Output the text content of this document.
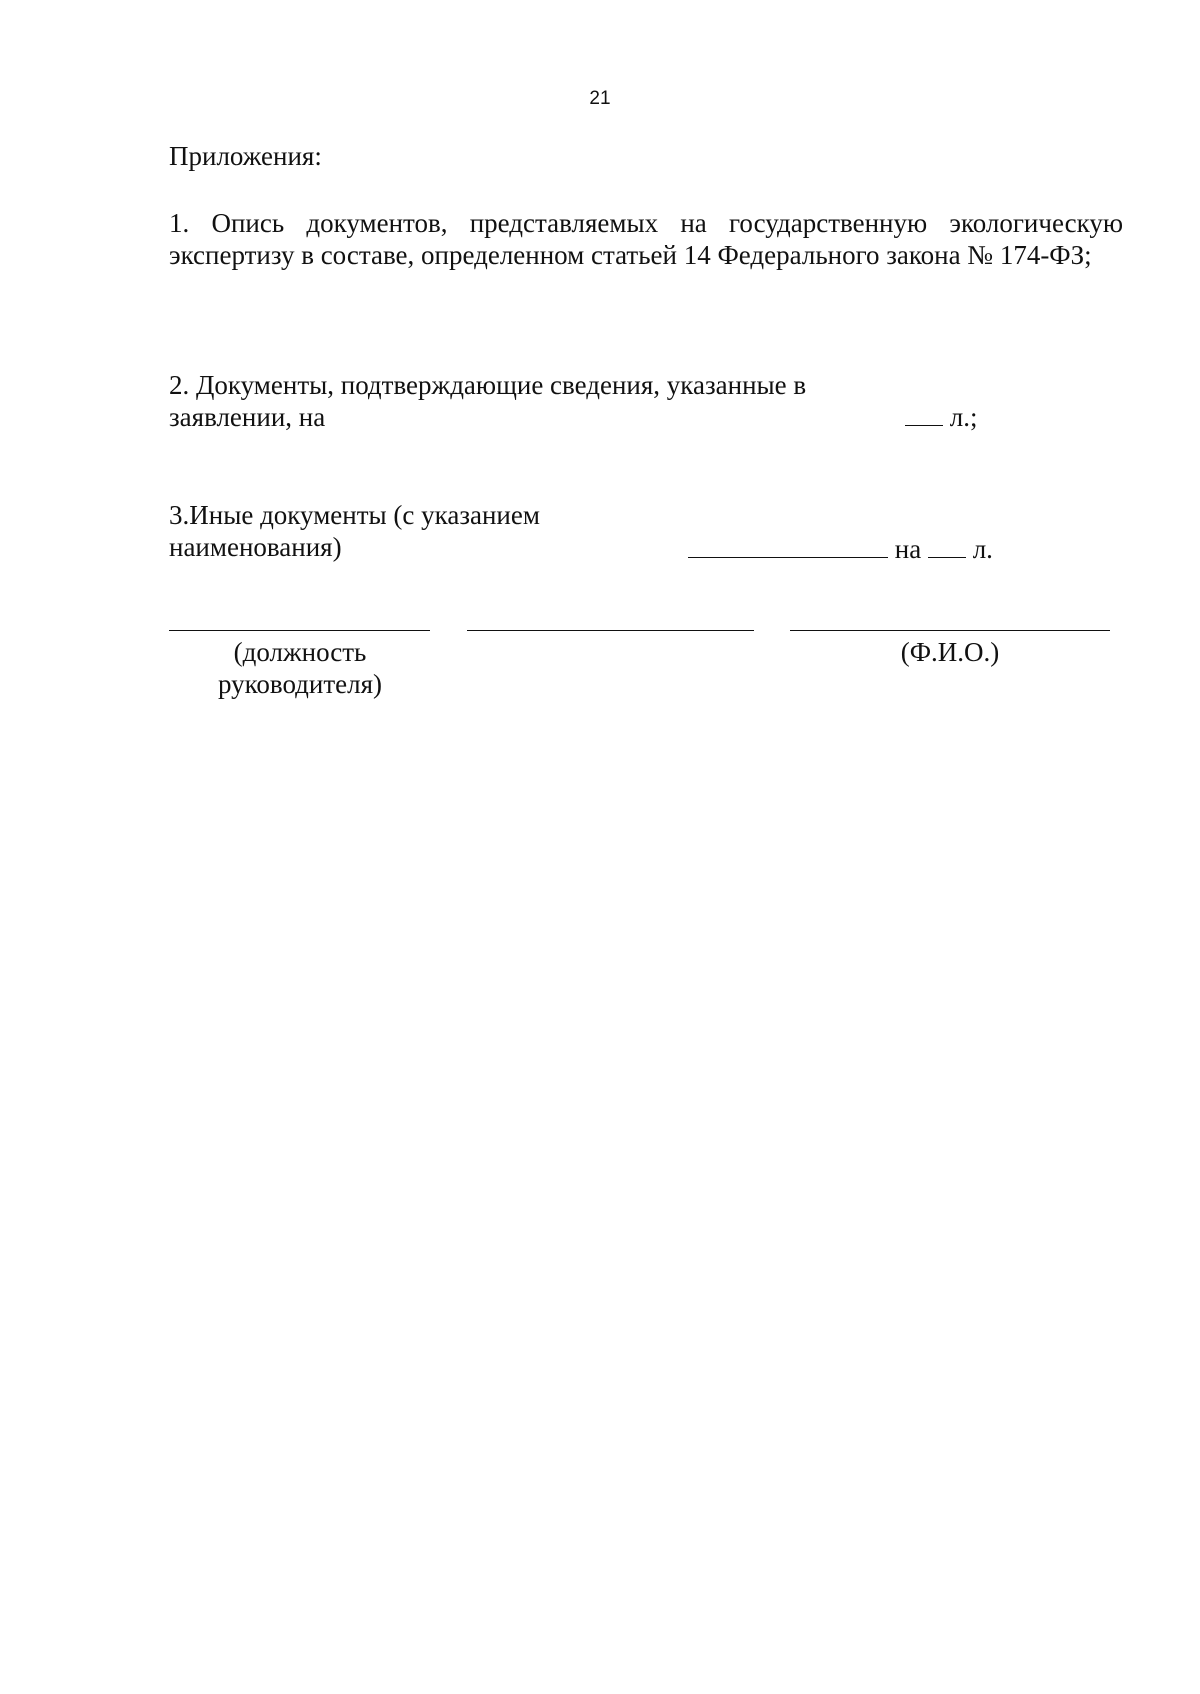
21
Приложения:
1. Опись документов, представляемых на государственную экологическую экспертизу в составе, определенном статьей 14 Федерального закона № 174-ФЗ;
2. Документы, подтверждающие сведения, указанные в заявлении, на	л.;
3.Иные документы (с указанием наименования)	на л.
(должность руководителя)
(Ф.И.О.)
